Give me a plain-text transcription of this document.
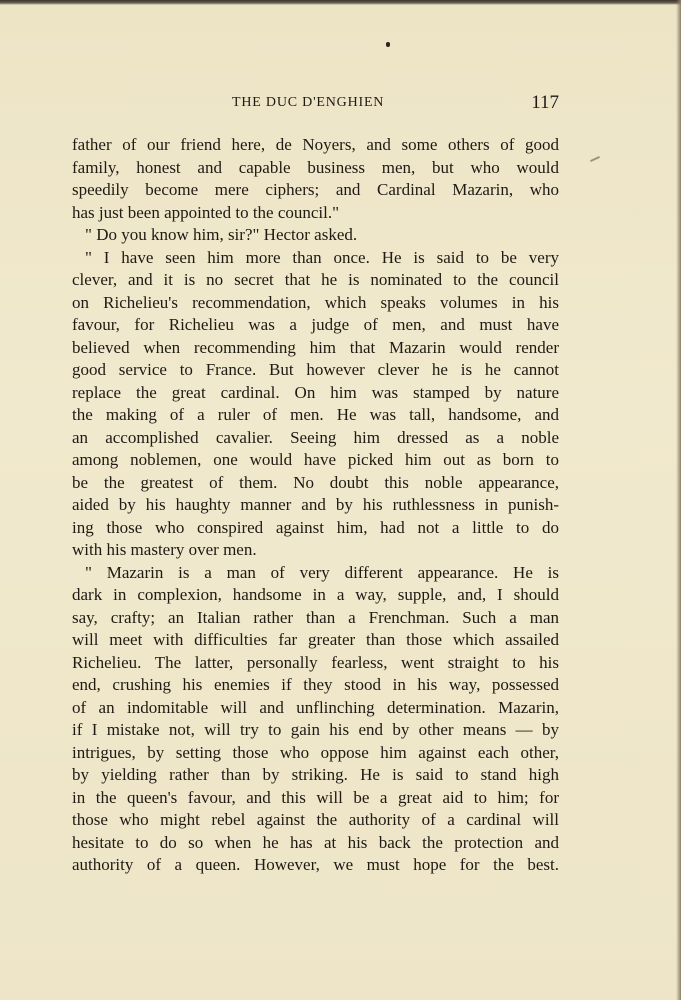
THE DUC D'ENGHIEN	117
father of our friend here, de Noyers, and some others of good
family, honest and capable business men, but who would
speedily become mere ciphers; and Cardinal Mazarin, who
has just been appointed to the council."
" Do you know him, sir?" Hector asked.
" I have seen him more than once. He is said to be very
clever, and it is no secret that he is nominated to the council
on Richelieu's recommendation, which speaks volumes in his
favour, for Richelieu was a judge of men, and must have
believed when recommending him that Mazarin would render
good service to France. But however clever he is he cannot
replace the great cardinal. On him was stamped by nature
the making of a ruler of men. He was tall, handsome, and
an accomplished cavalier. Seeing him dressed as a noble
among noblemen, one would have picked him out as born to
be the greatest of them. No doubt this noble appearance,
aided by his haughty manner and by his ruthlessness in punish-
ing those who conspired against him, had not a little to do
with his mastery over men.
" Mazarin is a man of very different appearance. He is
dark in complexion, handsome in a way, supple, and, I should
say, crafty; an Italian rather than a Frenchman. Such a man
will meet with difficulties far greater than those which assailed
Richelieu. The latter, personally fearless, went straight to his
end, crushing his enemies if they stood in his way, possessed
of an indomitable will and unflinching determination. Mazarin,
if I mistake not, will try to gain his end by other means — by
intrigues, by setting those who oppose him against each other,
by yielding rather than by striking. He is said to stand high
in the queen's favour, and this will be a great aid to him; for
those who might rebel against the authority of a cardinal will
hesitate to do so when he has at his back the protection and
authority of a queen. However, we must hope for the best.
